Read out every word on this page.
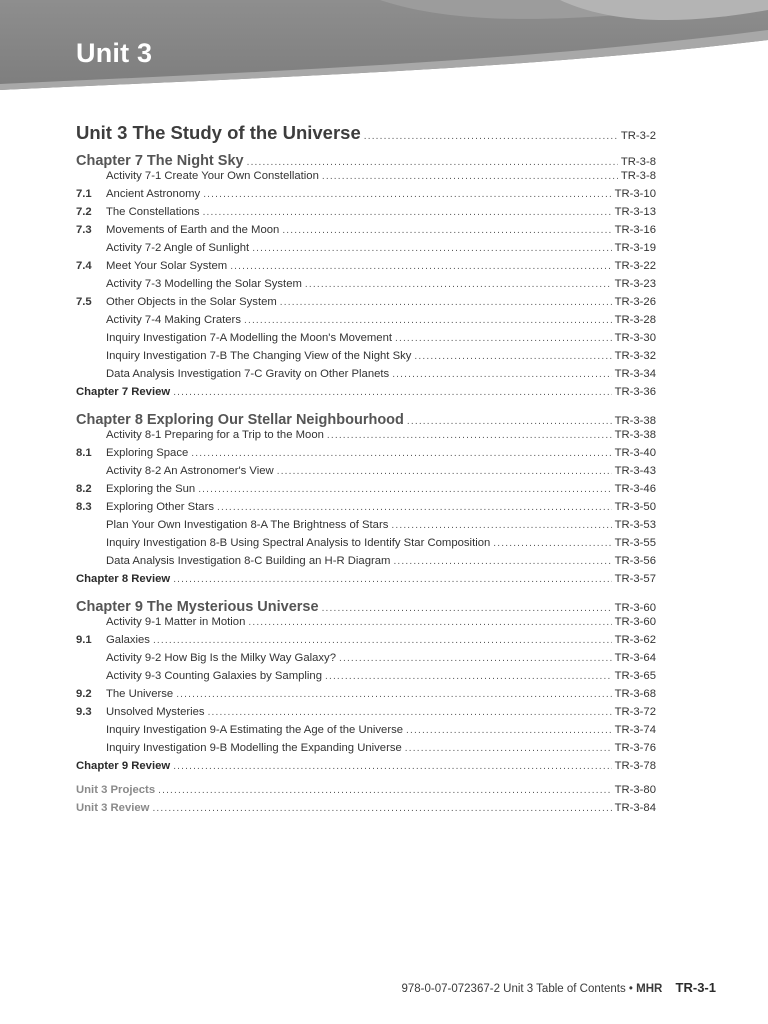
Unit 3
Unit 3 The Study of the Universe .....	TR-3-2
Chapter 7 The Night Sky .....	TR-3-8
Activity 7-1 Create Your Own Constellation .....	TR-3-8
7.1	Ancient Astronomy .....	TR-3-10
7.2	The Constellations .....	TR-3-13
7.3	Movements of Earth and the Moon .....	TR-3-16
Activity 7-2 Angle of Sunlight .....	TR-3-19
7.4	Meet Your Solar System .....	TR-3-22
Activity 7-3 Modelling the Solar System .....	TR-3-23
7.5	Other Objects in the Solar System .....	TR-3-26
Activity 7-4 Making Craters .....	TR-3-28
Inquiry Investigation 7-A Modelling the Moon's Movement .....	TR-3-30
Inquiry Investigation 7-B The Changing View of the Night Sky .....	TR-3-32
Data Analysis Investigation 7-C Gravity on Other Planets .....	TR-3-34
Chapter 7 Review .....	TR-3-36
Chapter 8 Exploring Our Stellar Neighbourhood .....	TR-3-38
Activity 8-1 Preparing for a Trip to the Moon .....	TR-3-38
8.1	Exploring Space .....	TR-3-40
Activity 8-2 An Astronomer's View .....	TR-3-43
8.2	Exploring the Sun .....	TR-3-46
8.3	Exploring Other Stars .....	TR-3-50
Plan Your Own Investigation 8-A The Brightness of Stars .....	TR-3-53
Inquiry Investigation 8-B Using Spectral Analysis to Identify Star Composition .....	TR-3-55
Data Analysis Investigation 8-C Building an H-R Diagram .....	TR-3-56
Chapter 8 Review .....	TR-3-57
Chapter 9 The Mysterious Universe .....	TR-3-60
Activity 9-1 Matter in Motion .....	TR-3-60
9.1	Galaxies .....	TR-3-62
Activity 9-2 How Big Is the Milky Way Galaxy? .....	TR-3-64
Activity 9-3 Counting Galaxies by Sampling .....	TR-3-65
9.2	The Universe .....	TR-3-68
9.3	Unsolved Mysteries .....	TR-3-72
Inquiry Investigation 9-A Estimating the Age of the Universe .....	TR-3-74
Inquiry Investigation 9-B Modelling the Expanding Universe .....	TR-3-76
Chapter 9 Review .....	TR-3-78
Unit 3 Projects .....	TR-3-80
Unit 3 Review .....	TR-3-84
978-0-07-072367-2 Unit 3 Table of Contents • MHR TR-3-1
